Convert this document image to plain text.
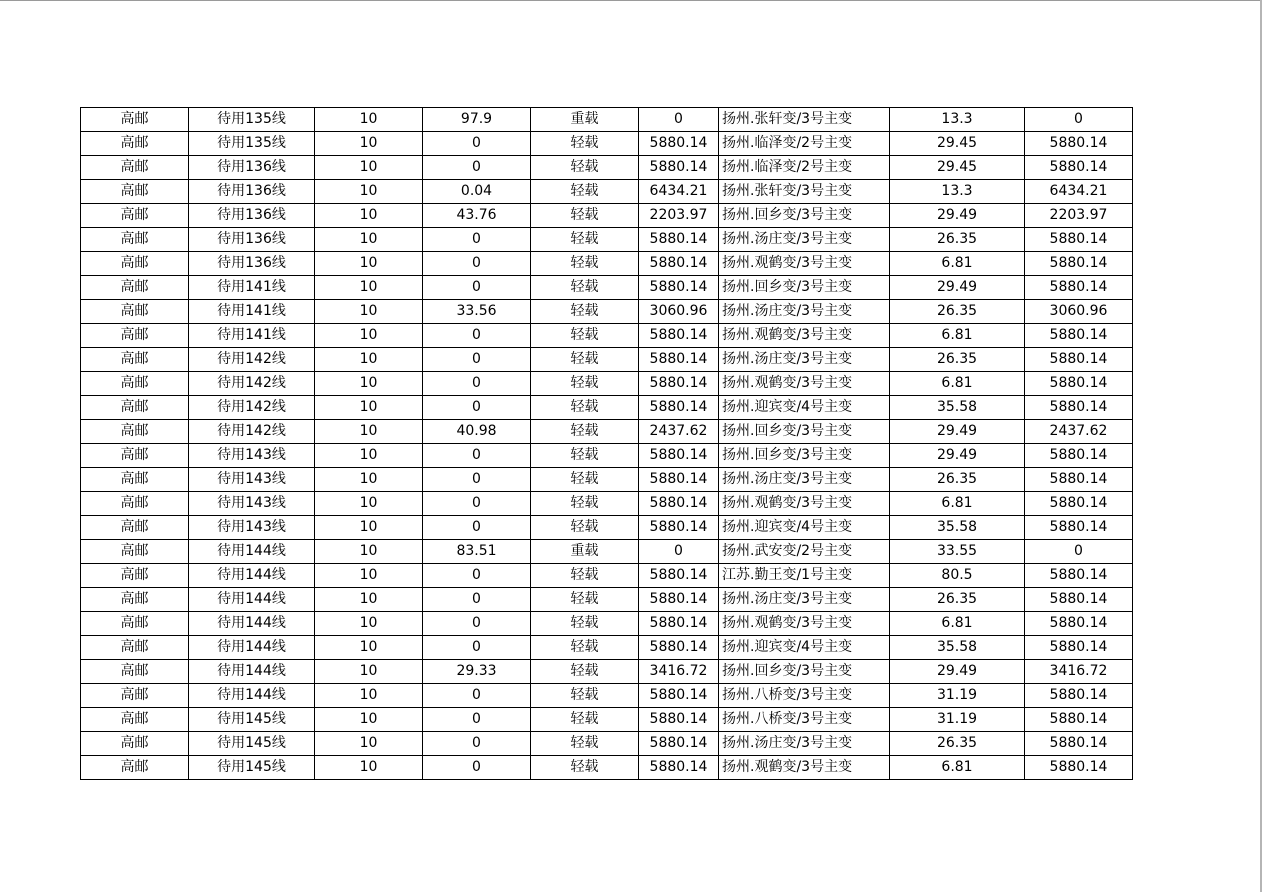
高邮	待用135线	10	97.9	重载	0	扬州.张轩变/3号主变	13.3	0
高邮	待用135线	10	0	轻载	5880.14	扬州.临泽变/2号主变	29.45	5880.14
高邮	待用136线	10	0	轻载	5880.14	扬州.临泽变/2号主变	29.45	5880.14
高邮	待用136线	10	0.04	轻载	6434.21	扬州.张轩变/3号主变	13.3	6434.21
高邮	待用136线	10	43.76	轻载	2203.97	扬州.回乡变/3号主变	29.49	2203.97
高邮	待用136线	10	0	轻载	5880.14	扬州.汤庄变/3号主变	26.35	5880.14
高邮	待用136线	10	0	轻载	5880.14	扬州.观鹤变/3号主变	6.81	5880.14
高邮	待用141线	10	0	轻载	5880.14	扬州.回乡变/3号主变	29.49	5880.14
高邮	待用141线	10	33.56	轻载	3060.96	扬州.汤庄变/3号主变	26.35	3060.96
高邮	待用141线	10	0	轻载	5880.14	扬州.观鹤变/3号主变	6.81	5880.14
高邮	待用142线	10	0	轻载	5880.14	扬州.汤庄变/3号主变	26.35	5880.14
高邮	待用142线	10	0	轻载	5880.14	扬州.观鹤变/3号主变	6.81	5880.14
高邮	待用142线	10	0	轻载	5880.14	扬州.迎宾变/4号主变	35.58	5880.14
高邮	待用142线	10	40.98	轻载	2437.62	扬州.回乡变/3号主变	29.49	2437.62
高邮	待用143线	10	0	轻载	5880.14	扬州.回乡变/3号主变	29.49	5880.14
高邮	待用143线	10	0	轻载	5880.14	扬州.汤庄变/3号主变	26.35	5880.14
高邮	待用143线	10	0	轻载	5880.14	扬州.观鹤变/3号主变	6.81	5880.14
高邮	待用143线	10	0	轻载	5880.14	扬州.迎宾变/4号主变	35.58	5880.14
高邮	待用144线	10	83.51	重载	0	扬州.武安变/2号主变	33.55	0
高邮	待用144线	10	0	轻载	5880.14	江苏.勤王变/1号主变	80.5	5880.14
高邮	待用144线	10	0	轻载	5880.14	扬州.汤庄变/3号主变	26.35	5880.14
高邮	待用144线	10	0	轻载	5880.14	扬州.观鹤变/3号主变	6.81	5880.14
高邮	待用144线	10	0	轻载	5880.14	扬州.迎宾变/4号主变	35.58	5880.14
高邮	待用144线	10	29.33	轻载	3416.72	扬州.回乡变/3号主变	29.49	3416.72
高邮	待用144线	10	0	轻载	5880.14	扬州.八桥变/3号主变	31.19	5880.14
高邮	待用145线	10	0	轻载	5880.14	扬州.八桥变/3号主变	31.19	5880.14
高邮	待用145线	10	0	轻载	5880.14	扬州.汤庄变/3号主变	26.35	5880.14
高邮	待用145线	10	0	轻载	5880.14	扬州.观鹤变/3号主变	6.81	5880.14
